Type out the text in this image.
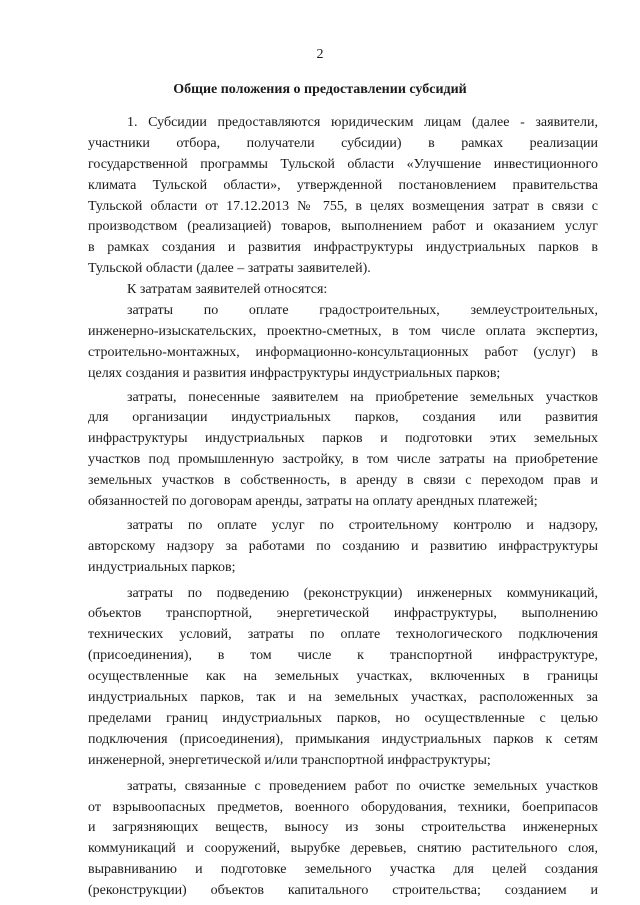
2
Общие положения о предоставлении субсидий
1. Субсидии предоставляются юридическим лицам (далее - заявители,
участники отбора, получатели субсидии) в рамках реализации
государственной программы Тульской области «Улучшение инвестиционного
климата Тульской области», утвержденной постановлением правительства
Тульской области от 17.12.2013 № 755, в целях возмещения затрат в связи с
производством (реализацией) товаров, выполнением работ и оказанием услуг
в рамках создания и развития инфраструктуры индустриальных парков в
Тульской области (далее – затраты заявителей).
К затратам заявителей относятся:
затраты по оплате градостроительных, землеустроительных,
инженерно-изыскательских, проектно-сметных, в том числе оплата экспертиз,
строительно-монтажных, информационно-консультационных работ (услуг) в
целях создания и развития инфраструктуры индустриальных парков;
затраты, понесенные заявителем на приобретение земельных участков
для организации индустриальных парков, создания или развития
инфраструктуры индустриальных парков и подготовки этих земельных
участков под промышленную застройку, в том числе затраты на приобретение
земельных участков в собственность, в аренду в связи с переходом прав и
обязанностей по договорам аренды, затраты на оплату арендных платежей;
затраты по оплате услуг по строительному контролю и надзору,
авторскому надзору за работами по созданию и развитию инфраструктуры
индустриальных парков;
затраты по подведению (реконструкции) инженерных коммуникаций,
объектов транспортной, энергетической инфраструктуры, выполнению
технических условий, затраты по оплате технологического подключения
(присоединения), в том числе к транспортной инфраструктуре,
осуществленные как на земельных участках, включенных в границы
индустриальных парков, так и на земельных участках, расположенных за
пределами границ индустриальных парков, но осуществленные с целью
подключения (присоединения), примыкания индустриальных парков к сетям
инженерной, энергетической и/или транспортной инфраструктуры;
затраты, связанные с проведением работ по очистке земельных участков
от взрывоопасных предметов, военного оборудования, техники, боеприпасов
и загрязняющих веществ, выносу из зоны строительства инженерных
коммуникаций и сооружений, вырубке деревьев, снятию растительного слоя,
выравниванию и подготовке земельного участка для целей создания
(реконструкции) объектов капитального строительства; созданием и
